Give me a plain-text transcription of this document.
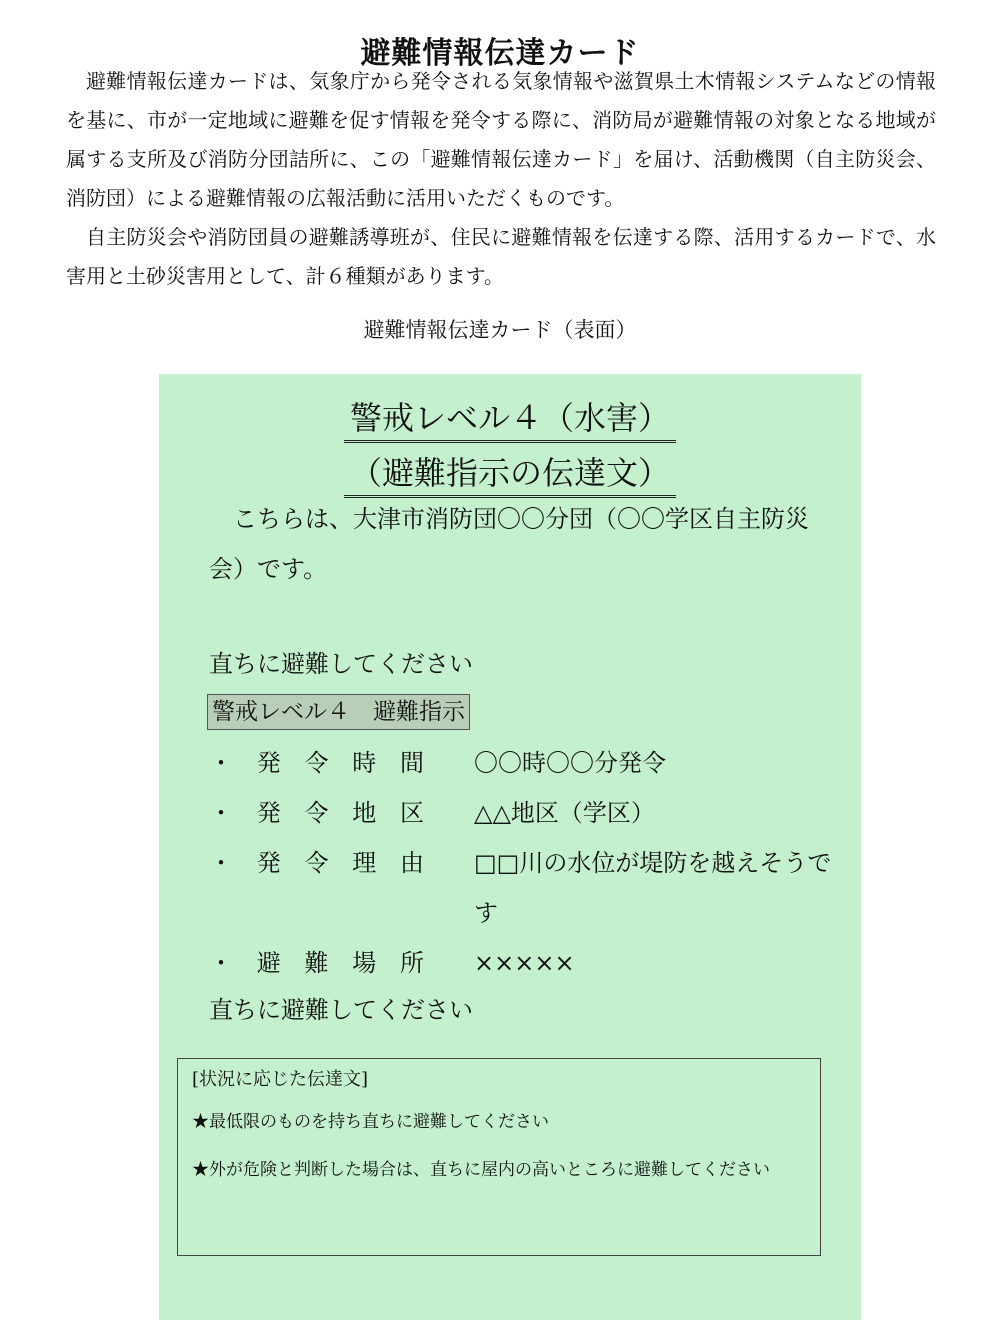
避難情報伝達カード

避難情報伝達カードは、気象庁から発令される気象情報や滋賀県土木情報システムなどの情報を基に、市が一定地域に避難を促す情報を発令する際に、消防局が避難情報の対象となる地域が属する支所及び消防分団詰所に、この「避難情報伝達カード」を届け、活動機関（自主防災会、消防団）による避難情報の広報活動に活用いただくものです。

自主防災会や消防団員の避難誘導班が、住民に避難情報を伝達する際、活用するカードで、水害用と土砂災害用として、計６種類があります。

避難情報伝達カード（表面）
警戒レベル４（水害）
（避難指示の伝達文）

こちらは、大津市消防団〇〇分団（〇〇学区自主防災会）です。

直ちに避難してください

警戒レベル４　避難指示
・ 発 令 時 間 〇〇時〇〇分発令
・ 発 令 地 区 △△地区（学区）
・ 発 令 理 由 □□川の水位が堤防を越えそうです
・ 避 難 場 所 ×××××

直ちに避難してください

[状況に応じた伝達文]

★最低限のものを持ち直ちに避難してください

★外が危険と判断した場合は、直ちに屋内の高いところに避難してください
